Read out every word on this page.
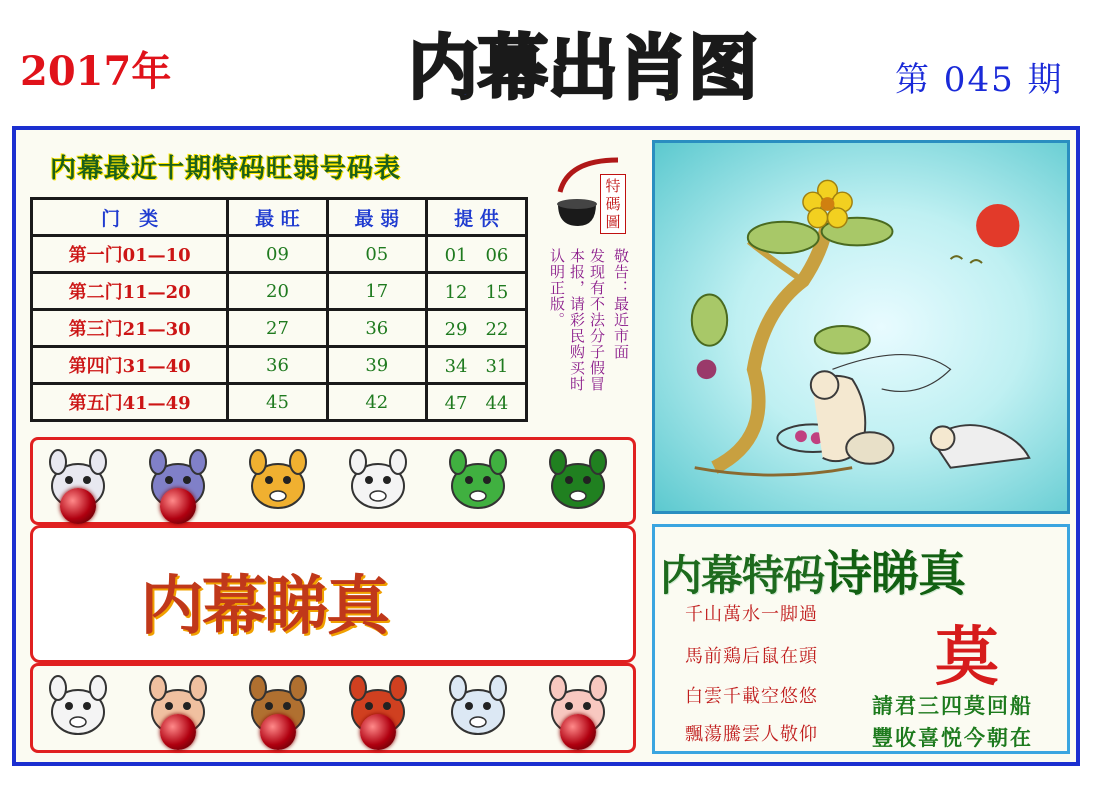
2017年	内幕出肖图	第 045 期
内幕最近十期特码旺弱号码表
门　类	最 旺	最 弱	提 供
第一门01—10	09	05	01　06
第二门11—20	20	17	12　15
第三门21—30	27	36	29　22
第四门31—40	36	39	34　31
第五门41—49	45	42	47　44
特碼圖
敬告：最近市面
发现有不法分子假冒
本报，请彩民购买时
认明正版。
内幕睇真	内幕特码诗睇真
莫
千山萬水一脚過
馬前鶏后鼠在頭
白雲千載空悠悠
飄蕩騰雲人敬仰
請君三四莫回船
豐收喜悦今朝在
